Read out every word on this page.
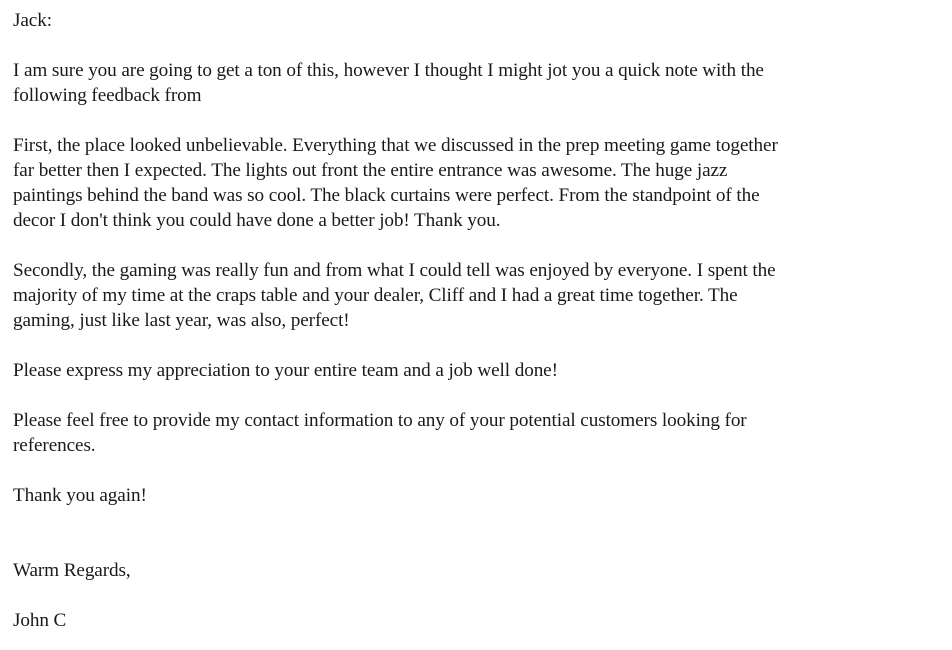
Jack:

I am sure you are going to get a ton of this, however I thought I might jot you a quick note with the
following feedback from

First, the place looked unbelievable. Everything that we discussed in the prep meeting game together
far better then I expected. The lights out front the entire entrance was awesome. The huge jazz
paintings behind the band was so cool. The black curtains were perfect. From the standpoint of the
decor I don't think you could have done a better job! Thank you.

Secondly, the gaming was really fun and from what I could tell was enjoyed by everyone. I spent the
majority of my time at the craps table and your dealer, Cliff and I had a great time together. The
gaming, just like last year, was also, perfect!

Please express my appreciation to your entire team and a job well done!

Please feel free to provide my contact information to any of your potential customers looking for
references.

Thank you again!

Warm Regards,

John C
